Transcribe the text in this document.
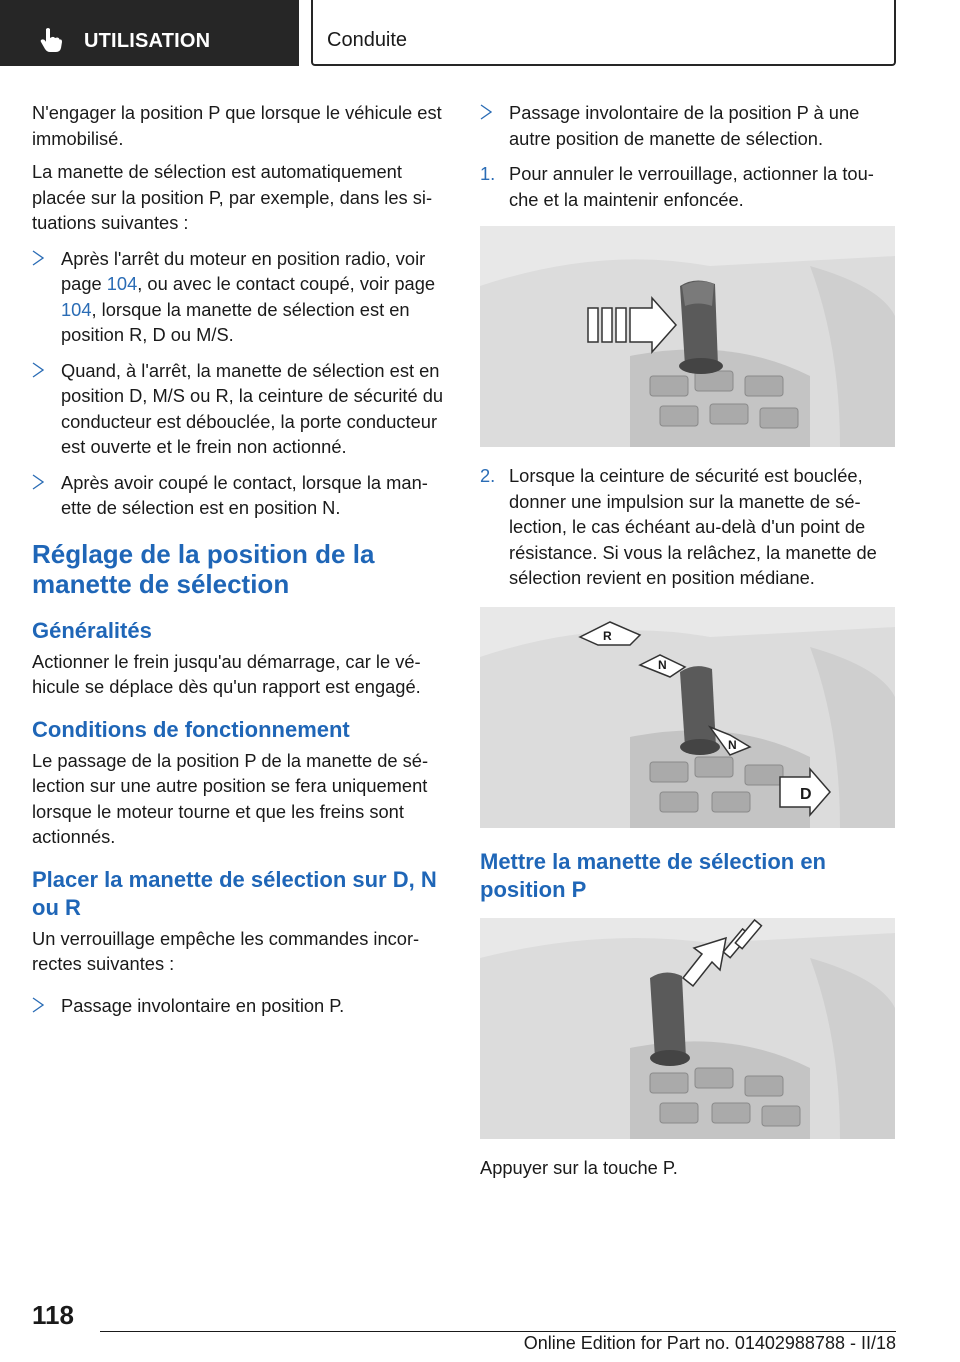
UTILISATION	Conduite

N'engager la position P que lorsque le véhicule est immobilisé.

La manette de sélection est automatiquement placée sur la position P, par exemple, dans les situations suivantes :

Après l'arrêt du moteur en position radio, voir page 104, ou avec le contact coupé, voir page 104, lorsque la manette de sélection est en position R, D ou M/S.
Quand, à l'arrêt, la manette de sélection est en position D, M/S ou R, la ceinture de sécurité du conducteur est débouclée, la porte conducteur est ouverte et le frein non actionné.
Après avoir coupé le contact, lorsque la manette de sélection est en position N.
Réglage de la position de la manette de sélection
Généralités

Actionner le frein jusqu'au démarrage, car le véhicule se déplace dès qu'un rapport est engagé.

Conditions de fonctionnement

Le passage de la position P de la manette de sélection sur une autre position se fera uniquement lorsque le moteur tourne et que les freins sont actionnés.

Placer la manette de sélection sur D, N ou R

Un verrouillage empêche les commandes incorrectes suivantes :

Passage involontaire en position P.
Passage involontaire de la position P à une autre position de manette de sélection.
1. Pour annuler le verrouillage, actionner la touche et la maintenir enfoncée.
2. Lorsque la ceinture de sécurité est bouclée, donner une impulsion sur la manette de sélection, le cas échéant au-delà d'un point de résistance. Si vous la relâchez, la manette de sélection revient en position médiane.
R
N
N
D
Mettre la manette de sélection en position P

Appuyer sur la touche P.

118
Online Edition for Part no. 01402988788 - II/18
